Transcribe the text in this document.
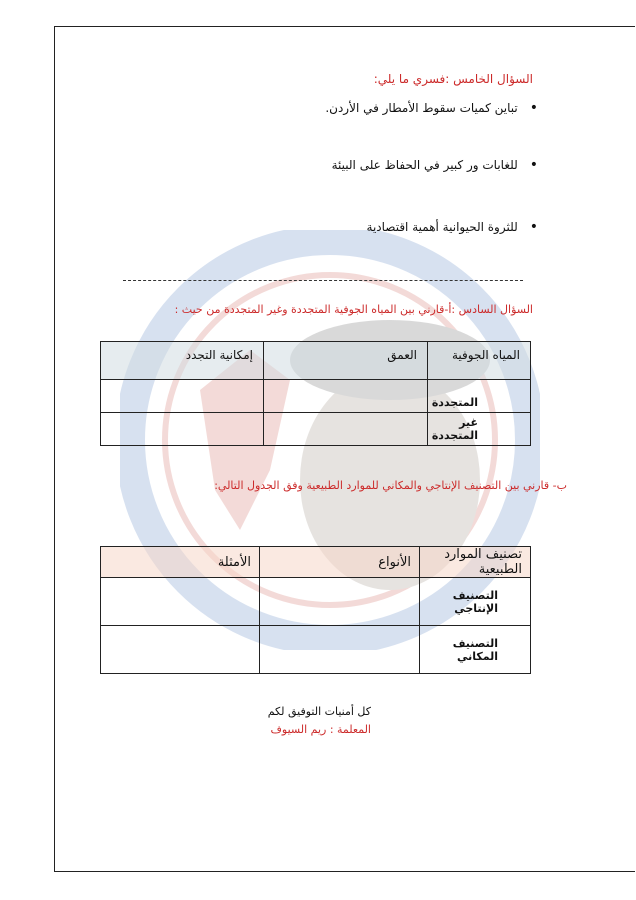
السؤال الخامس :فسري ما يلي:
• تباين كميات سقوط الأمطار في الأردن.
• للغابات ور كبير في الحفاظ على البيئة
• للثروة الحيوانية أهمية اقتصادية
السؤال السادس :أ-قارني بين المياه الجوفية المتجددة وغير المتجددة من حيث :
المياه الجوفية	العمق	إمكانية التجدد
المتجددة		
غير المتجددة		
ب- قارني بين التصنيف الإنتاجي والمكاني للموارد الطبيعية وفق الجدول التالي:
تصنيف الموارد الطبيعية	الأنواع	الأمثلة
التصنيف الإنتاجي		
التصنيف المكاني		
كل أمنيات التوفيق لكم
المعلمة : ريم السيوف
